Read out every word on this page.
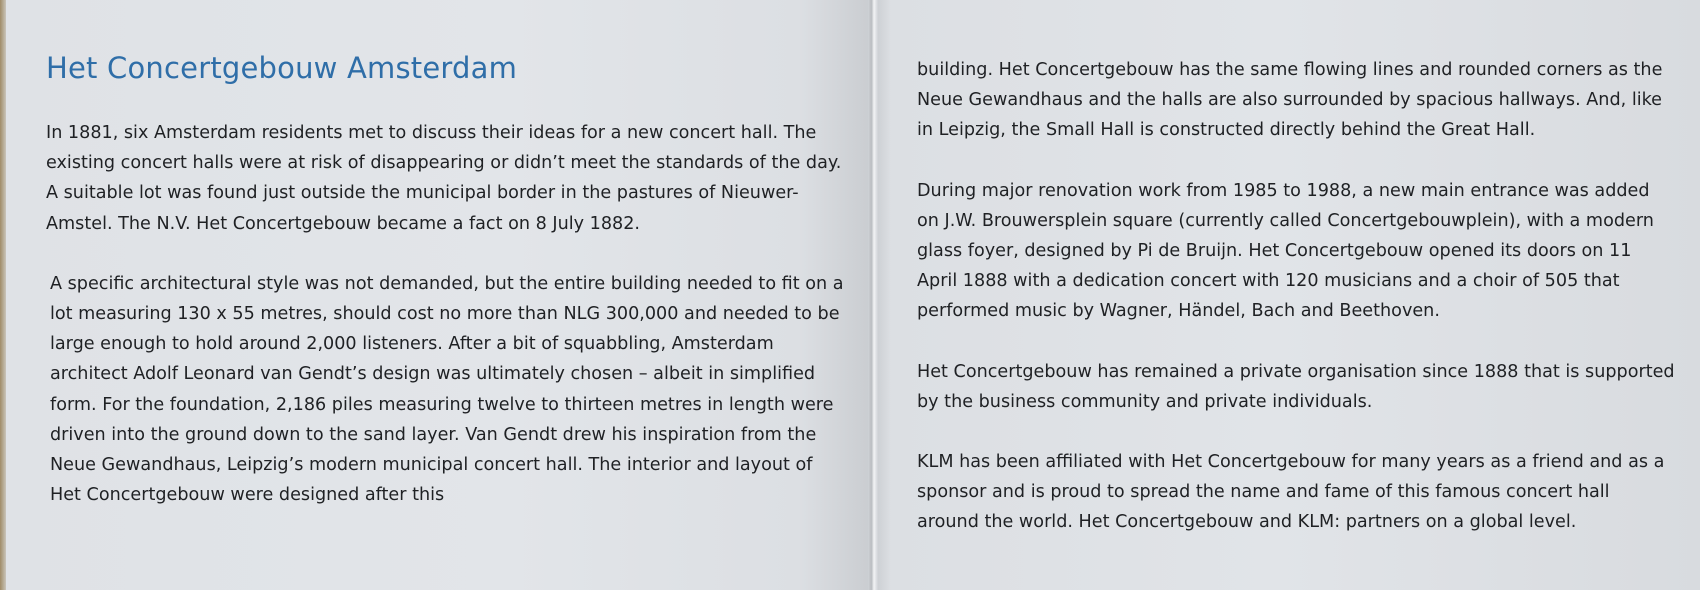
Het Concertgebouw Amsterdam

In 1881, six Amsterdam residents met to discuss their ideas for a new concert hall. The existing concert halls were at risk of disappearing or didn’t meet the standards of the day. A suitable lot was found just outside the municipal border in the pastures of Nieuwer-Amstel. The N.V. Het Concertgebouw became a fact on 8 July 1882.

A specific architectural style was not demanded, but the entire building needed to fit on a lot measuring 130 x 55 metres, should cost no more than NLG 300,000 and needed to be large enough to hold around 2,000 listeners. After a bit of squabbling, Amsterdam architect Adolf Leonard van Gendt’s design was ultimately chosen – albeit in simplified form. For the foundation, 2,186 piles measuring twelve to thirteen metres in length were driven into the ground down to the sand layer. Van Gendt drew his inspiration from the Neue Gewandhaus, Leipzig’s modern municipal concert hall. The interior and layout of Het Concertgebouw were designed after this

building. Het Concertgebouw has the same flowing lines and rounded corners as the Neue Gewandhaus and the halls are also surrounded by spacious hallways. And, like in Leipzig, the Small Hall is constructed directly behind the Great Hall.

During major renovation work from 1985 to 1988, a new main entrance was added on J.W. Brouwersplein square (currently called Concertgebouwplein), with a modern glass foyer, designed by Pi de Bruijn. Het Concertgebouw opened its doors on 11 April 1888 with a dedication concert with 120 musicians and a choir of 505 that performed music by Wagner, Händel, Bach and Beethoven.

Het Concertgebouw has remained a private organisation since 1888 that is supported by the business community and private individuals.

KLM has been affiliated with Het Concertgebouw for many years as a friend and as a sponsor and is proud to spread the name and fame of this famous concert hall around the world. Het Concertgebouw and KLM: partners on a global level.
